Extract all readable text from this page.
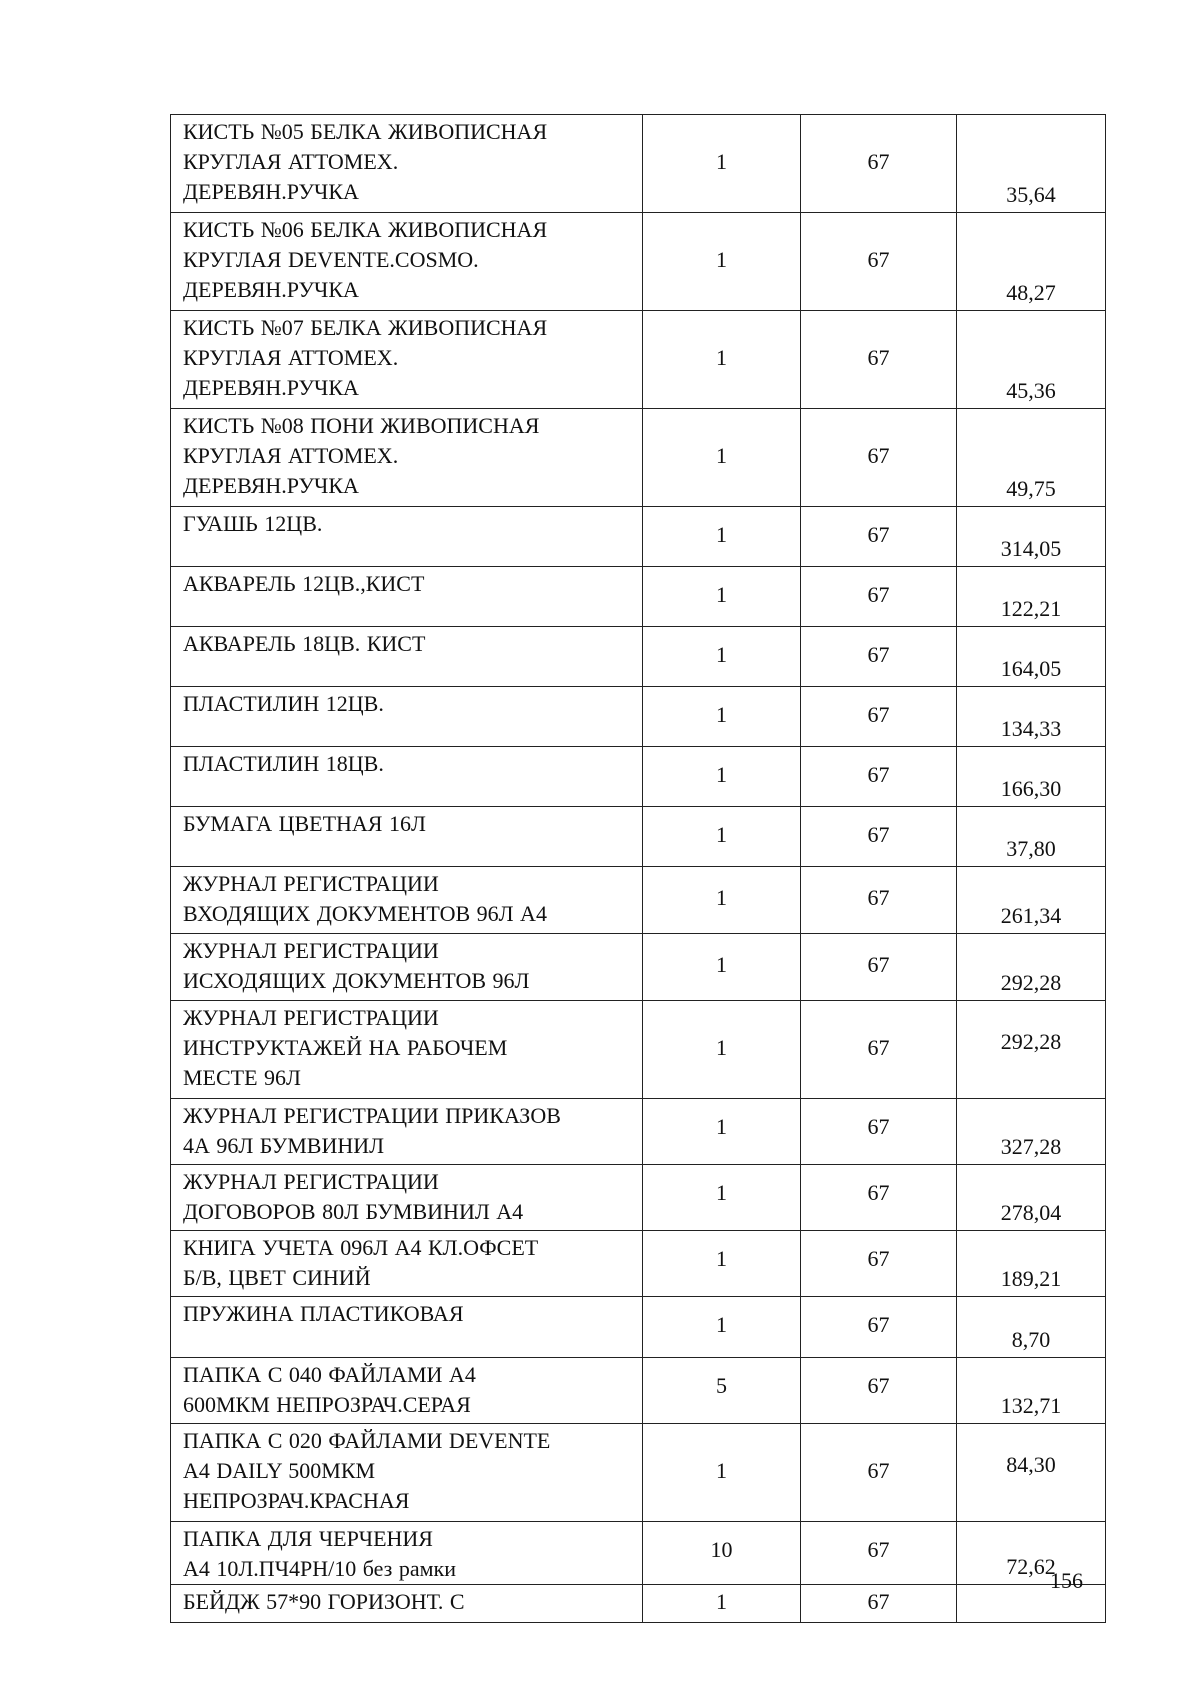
КИСТЬ №05 БЕЛКА ЖИВОПИСНАЯ
КРУГЛАЯ ATTOMEX.
ДЕРЕВЯН.РУЧКА	1	67	35,64

КИСТЬ №06 БЕЛКА ЖИВОПИСНАЯ
КРУГЛАЯ DEVENTE.COSMO.
ДЕРЕВЯН.РУЧКА	1	67	48,27

КИСТЬ №07 БЕЛКА ЖИВОПИСНАЯ
КРУГЛАЯ ATTOMEX.
ДЕРЕВЯН.РУЧКА	1	67	45,36

КИСТЬ №08 ПОНИ ЖИВОПИСНАЯ
КРУГЛАЯ ATTOMEX.
ДЕРЕВЯН.РУЧКА	1	67	49,75

ГУАШЬ 12ЦВ.	1	67	314,05

АКВАРЕЛЬ 12ЦВ.,КИСТ	1	67	122,21

АКВАРЕЛЬ 18ЦВ. КИСТ	1	67	164,05

ПЛАСТИЛИН 12ЦВ.	1	67	134,33

ПЛАСТИЛИН 18ЦВ.	1	67	166,30

БУМАГА ЦВЕТНАЯ 16Л	1	67	37,80

ЖУРНАЛ РЕГИСТРАЦИИ
ВХОДЯЩИХ ДОКУМЕНТОВ 96Л А4	1	67	261,34

ЖУРНАЛ РЕГИСТРАЦИИ
ИСХОДЯЩИХ ДОКУМЕНТОВ 96Л	1	67	292,28

ЖУРНАЛ РЕГИСТРАЦИИ
ИНСТРУКТАЖЕЙ НА РАБОЧЕМ
МЕСТЕ 96Л	1	67	292,28

ЖУРНАЛ РЕГИСТРАЦИИ ПРИКАЗОВ
4А 96Л БУМВИНИЛ	1	67	327,28

ЖУРНАЛ РЕГИСТРАЦИИ
ДОГОВОРОВ 80Л БУМВИНИЛ А4	1	67	278,04

КНИГА УЧЕТА 096Л А4 КЛ.ОФСЕТ
Б/В, ЦВЕТ СИНИЙ	1	67	189,21

ПРУЖИНА ПЛАСТИКОВАЯ	1	67	8,70

ПАПКА С 040 ФАЙЛАМИ А4
600МКМ НЕПРОЗРАЧ.СЕРАЯ	5	67	132,71

ПАПКА С 020 ФАЙЛАМИ DEVENTE
А4 DAILY 500МКМ
НЕПРОЗРАЧ.КРАСНАЯ	1	67	84,30

ПАПКА ДЛЯ ЧЕРЧЕНИЯ
А4 10Л.ПЧ4РН/10 без рамки	10	67	72,62

БЕЙДЖ 57*90 ГОРИЗОНТ. С	1	67	

156
